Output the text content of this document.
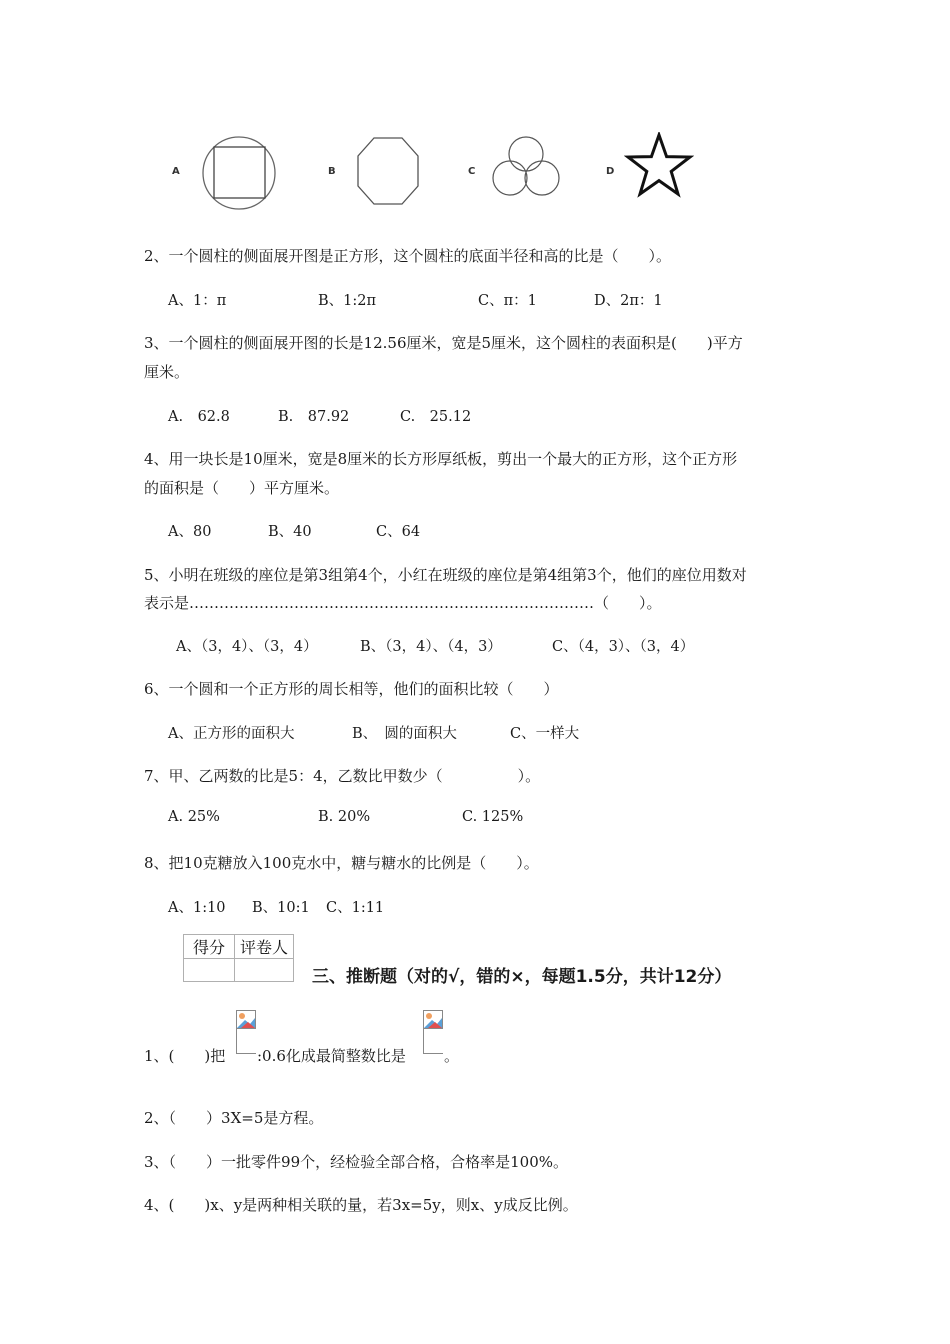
A	B	C	D
2、一个圆柱的侧面展开图是正方形，这个圆柱的底面半径和高的比是（　　）。
A、1：π	B、1:2π	C、π：1	D、2π：1
3、一个圆柱的侧面展开图的长是12.56厘米，宽是5厘米，这个圆柱的表面积是(　　)平方
厘米。
A.　62.8	B.　87.92	C.　25.12
4、用一块长是10厘米，宽是8厘米的长方形厚纸板，剪出一个最大的正方形，这个正方形
的面积是（　　）平方厘米。
A、80	B、40	C、64
5、小明在班级的座位是第3组第4个，小红在班级的座位是第4组第3个，他们的座位用数对
表示是………………………………………………………………………（　　）。
A、（3，4）、（3，4）	B、（3，4）、（4，3）	C、（4，3）、（3，4）
6、一个圆和一个正方形的周长相等，他们的面积比较（　　）
A、正方形的面积大	B、　圆的面积大	C、一样大
7、甲、乙两数的比是5：4，乙数比甲数少（　　　　　）。
A. 25%	B. 20%	C. 125%
8、把10克糖放入100克水中，糖与糖水的比例是（　　）。
A、1:10 B、10:1 C、1:11
得分	评卷人

三、推断题（对的√，错的×，每题1.5分，共计12分）
1、(　　)把 :0.6化成最简整数比是	。
2、（　　）3X=5是方程。
3、（　　）一批零件99个，经检验全部合格，合格率是100%。
4、(　　)x、y是两种相关联的量，若3x=5y，则x、y成反比例。
